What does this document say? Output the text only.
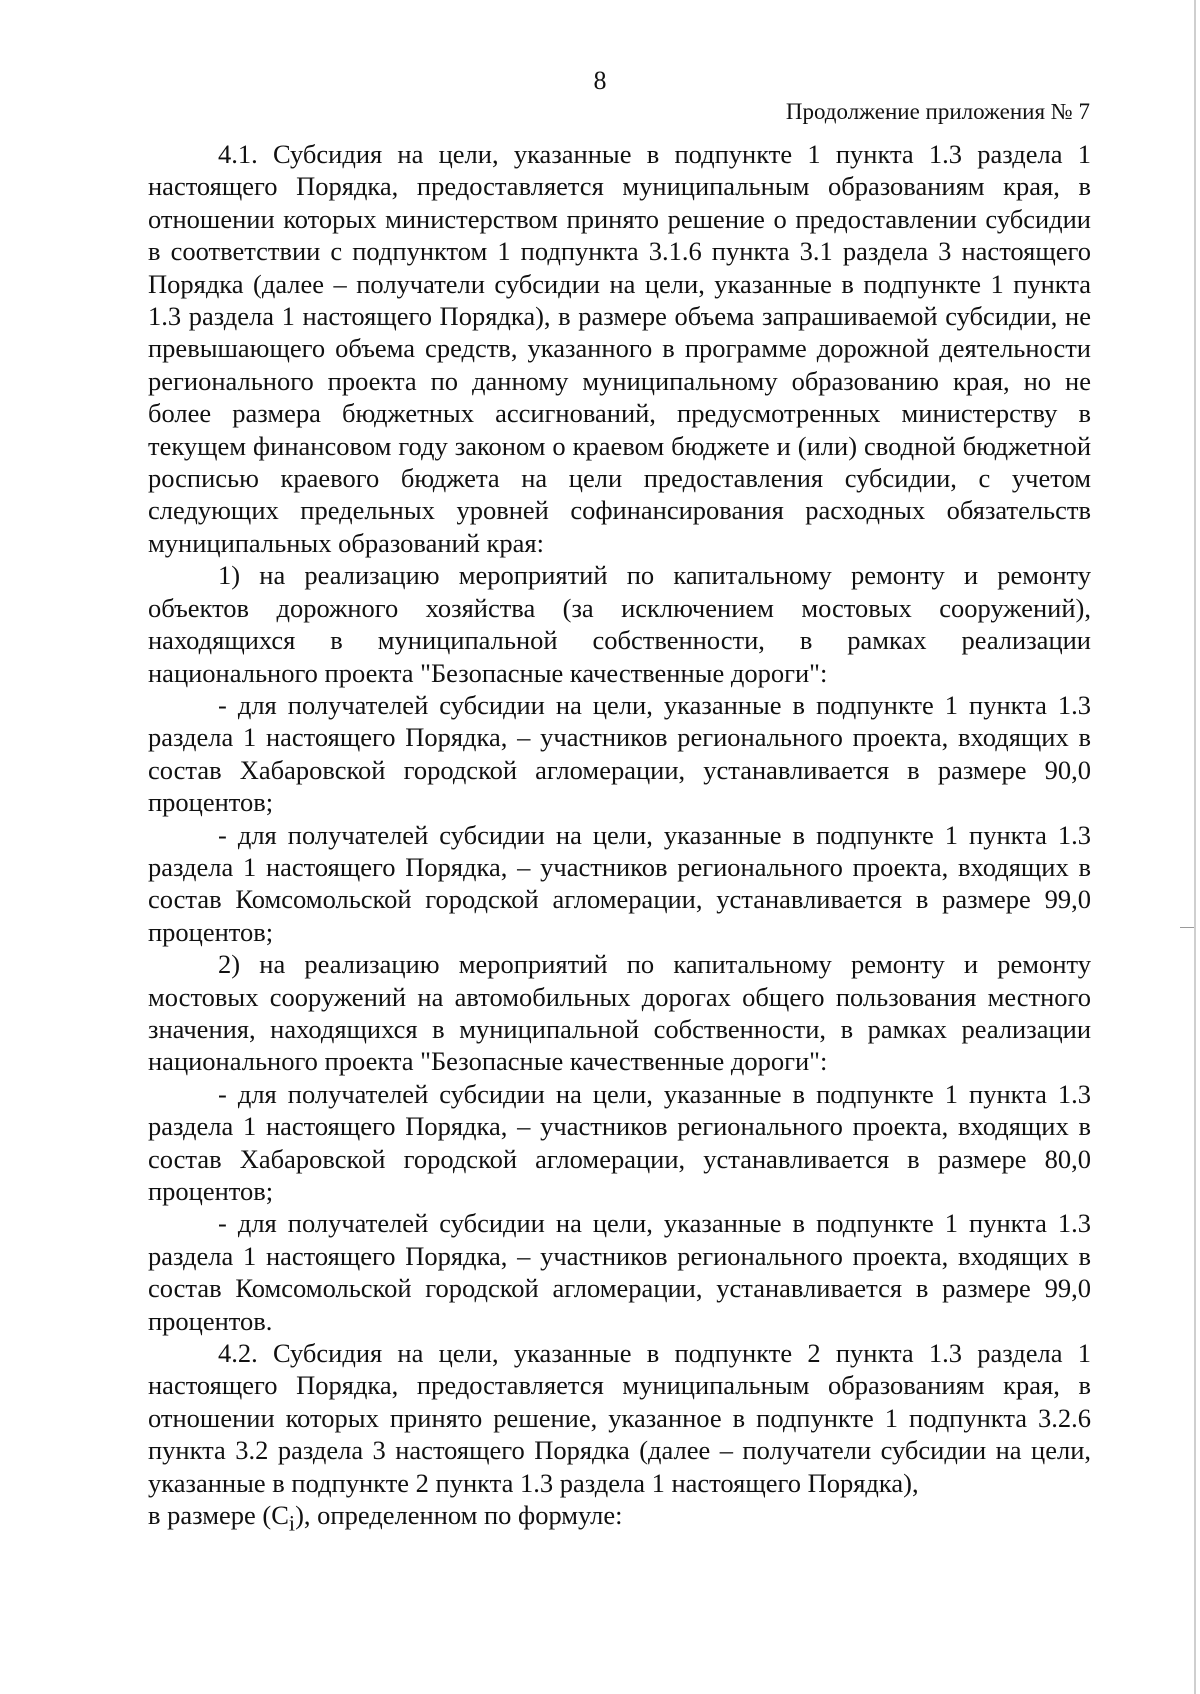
8
Продолжение приложения № 7

4.1. Субсидия на цели, указанные в подпункте 1 пункта 1.3 раздела 1 настоящего Порядка, предоставляется муниципальным образованиям края, в отношении которых министерством принято решение о предоставлении субсидии в соответствии с подпунктом 1 подпункта 3.1.6 пункта 3.1 раздела 3 настоящего Порядка (далее – получатели субсидии на цели, указанные в подпункте 1 пункта 1.3 раздела 1 настоящего Порядка), в размере объема запрашиваемой субсидии, не превышающего объема средств, указанного в программе дорожной деятельности регионального проекта по данному муниципальному образованию края, но не более размера бюджетных ассигнований, предусмотренных министерству в текущем финансовом году законом о краевом бюджете и (или) сводной бюджетной росписью краевого бюджета на цели предоставления субсидии, с учетом следующих предельных уровней софинансирования расходных обязательств муниципальных образований края:

1) на реализацию мероприятий по капитальному ремонту и ремонту объектов дорожного хозяйства (за исключением мостовых сооружений), находящихся в муниципальной собственности, в рамках реализации национального проекта "Безопасные качественные дороги":

- для получателей субсидии на цели, указанные в подпункте 1 пункта 1.3 раздела 1 настоящего Порядка, – участников регионального проекта, входящих в состав Хабаровской городской агломерации, устанавливается в размере 90,0 процентов;

- для получателей субсидии на цели, указанные в подпункте 1 пункта 1.3 раздела 1 настоящего Порядка, – участников регионального проекта, входящих в состав Комсомольской городской агломерации, устанавливается в размере 99,0 процентов;

2) на реализацию мероприятий по капитальному ремонту и ремонту мостовых сооружений на автомобильных дорогах общего пользования местного значения, находящихся в муниципальной собственности, в рамках реализации национального проекта "Безопасные качественные дороги":

- для получателей субсидии на цели, указанные в подпункте 1 пункта 1.3 раздела 1 настоящего Порядка, – участников регионального проекта, входящих в состав Хабаровской городской агломерации, устанавливается в размере 80,0 процентов;

- для получателей субсидии на цели, указанные в подпункте 1 пункта 1.3 раздела 1 настоящего Порядка, – участников регионального проекта, входящих в состав Комсомольской городской агломерации, устанавливается в размере 99,0 процентов.

4.2. Субсидия на цели, указанные в подпункте 2 пункта 1.3 раздела 1 настоящего Порядка, предоставляется муниципальным образованиям края, в отношении которых принято решение, указанное в подпункте 1 подпункта 3.2.6 пункта 3.2 раздела 3 настоящего Порядка (далее – получатели субсидии на цели, указанные в подпункте 2 пункта 1.3 раздела 1 настоящего Порядка),

в размере $(C_i)$, определенном по формуле:
